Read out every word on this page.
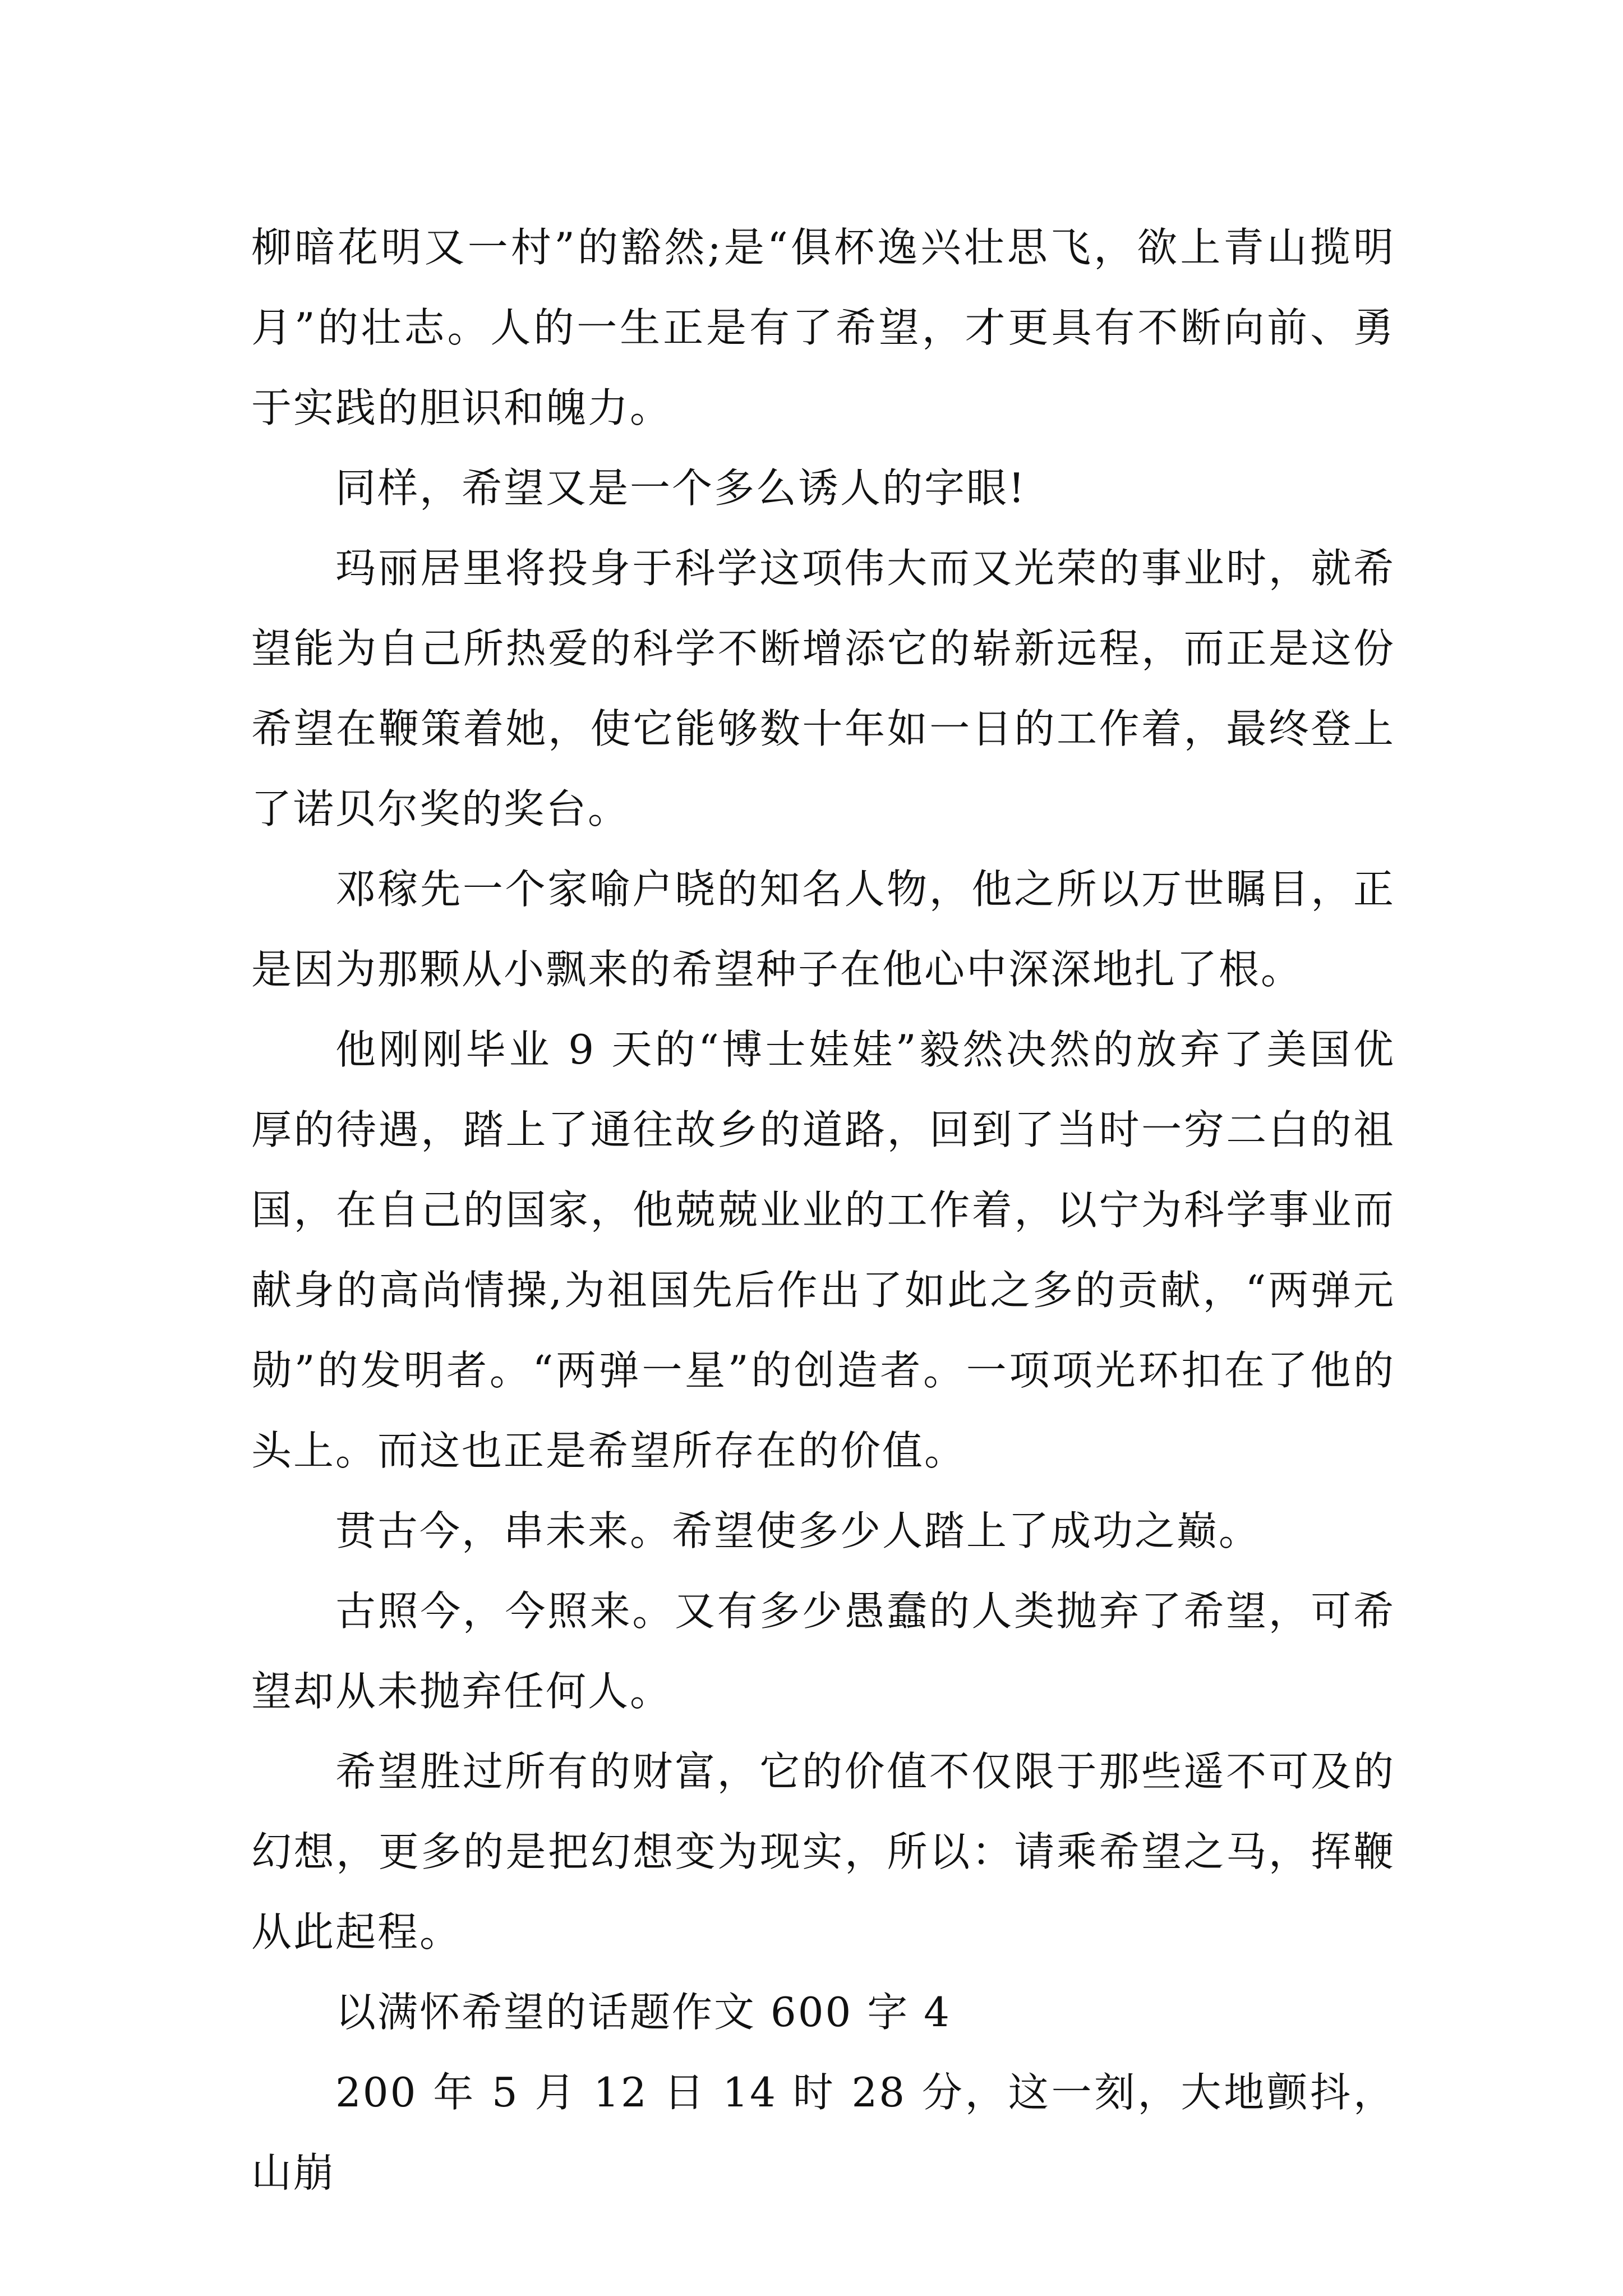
柳暗花明又一村”的豁然;是“俱杯逸兴壮思飞，欲上青山揽明月”的壮志。人的一生正是有了希望，才更具有不断向前、勇于实践的胆识和魄力。

同样，希望又是一个多么诱人的字眼!

玛丽居里将投身于科学这项伟大而又光荣的事业时，就希望能为自己所热爱的科学不断增添它的崭新远程，而正是这份希望在鞭策着她，使它能够数十年如一日的工作着，最终登上了诺贝尔奖的奖台。

邓稼先一个家喻户晓的知名人物，他之所以万世瞩目，正是因为那颗从小飘来的希望种子在他心中深深地扎了根。

他刚刚毕业 9 天的“博士娃娃”毅然决然的放弃了美国优厚的待遇，踏上了通往故乡的道路，回到了当时一穷二白的祖国，在自己的国家，他兢兢业业的工作着，以宁为科学事业而献身的高尚情操,为祖国先后作出了如此之多的贡献，“两弹元勋”的发明者。“两弹一星”的创造者。一项项光环扣在了他的头上。而这也正是希望所存在的价值。

贯古今，串未来。希望使多少人踏上了成功之巅。

古照今，今照来。又有多少愚蠢的人类抛弃了希望，可希望却从未抛弃任何人。

希望胜过所有的财富，它的价值不仅限于那些遥不可及的幻想，更多的是把幻想变为现实，所以：请乘希望之马，挥鞭从此起程。

以满怀希望的话题作文 600 字 4

200 年 5 月 12 日 14 时 28 分，这一刻，大地颤抖，山崩
